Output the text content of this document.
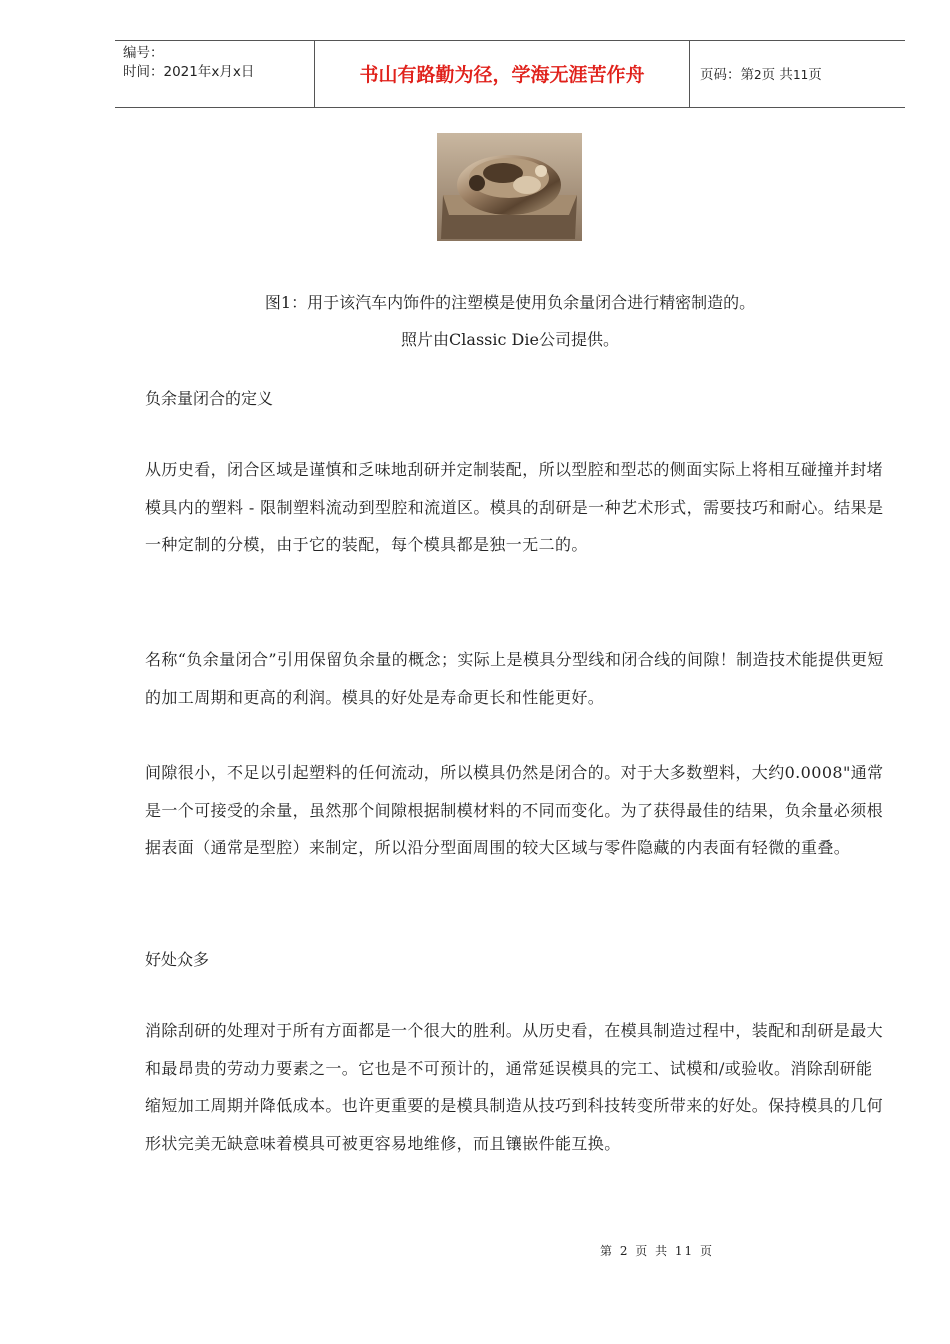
编号：
时间：2021年x月x日	书山有路勤为径，学海无涯苦作舟	页码：第2页 共11页
图1：用于该汽车内饰件的注塑模是使用负余量闭合进行精密制造的。
照片由Classic Die公司提供。
负余量闭合的定义
从历史看，闭合区域是谨慎和乏味地刮研并定制装配，所以型腔和型芯的侧面实际上将相互碰撞并封堵模具内的塑料 - 限制塑料流动到型腔和流道区。模具的刮研是一种艺术形式，需要技巧和耐心。结果是一种定制的分模，由于它的装配，每个模具都是独一无二的。
名称“负余量闭合”引用保留负余量的概念；实际上是模具分型线和闭合线的间隙！制造技术能提供更短的加工周期和更高的利润。模具的好处是寿命更长和性能更好。
间隙很小，不足以引起塑料的任何流动，所以模具仍然是闭合的。对于大多数塑料，大约0.0008"通常是一个可接受的余量，虽然那个间隙根据制模材料的不同而变化。为了获得最佳的结果，负余量必须根据表面（通常是型腔）来制定，所以沿分型面周围的较大区域与零件隐藏的内表面有轻微的重叠。
好处众多
消除刮研的处理对于所有方面都是一个很大的胜利。从历史看，在模具制造过程中，装配和刮研是最大和最昂贵的劳动力要素之一。它也是不可预计的，通常延误模具的完工、试模和/或验收。消除刮研能缩短加工周期并降低成本。也许更重要的是模具制造从技巧到科技转变所带来的好处。保持模具的几何形状完美无缺意味着模具可被更容易地维修，而且镶嵌件能互换。
第 2 页 共 11 页
